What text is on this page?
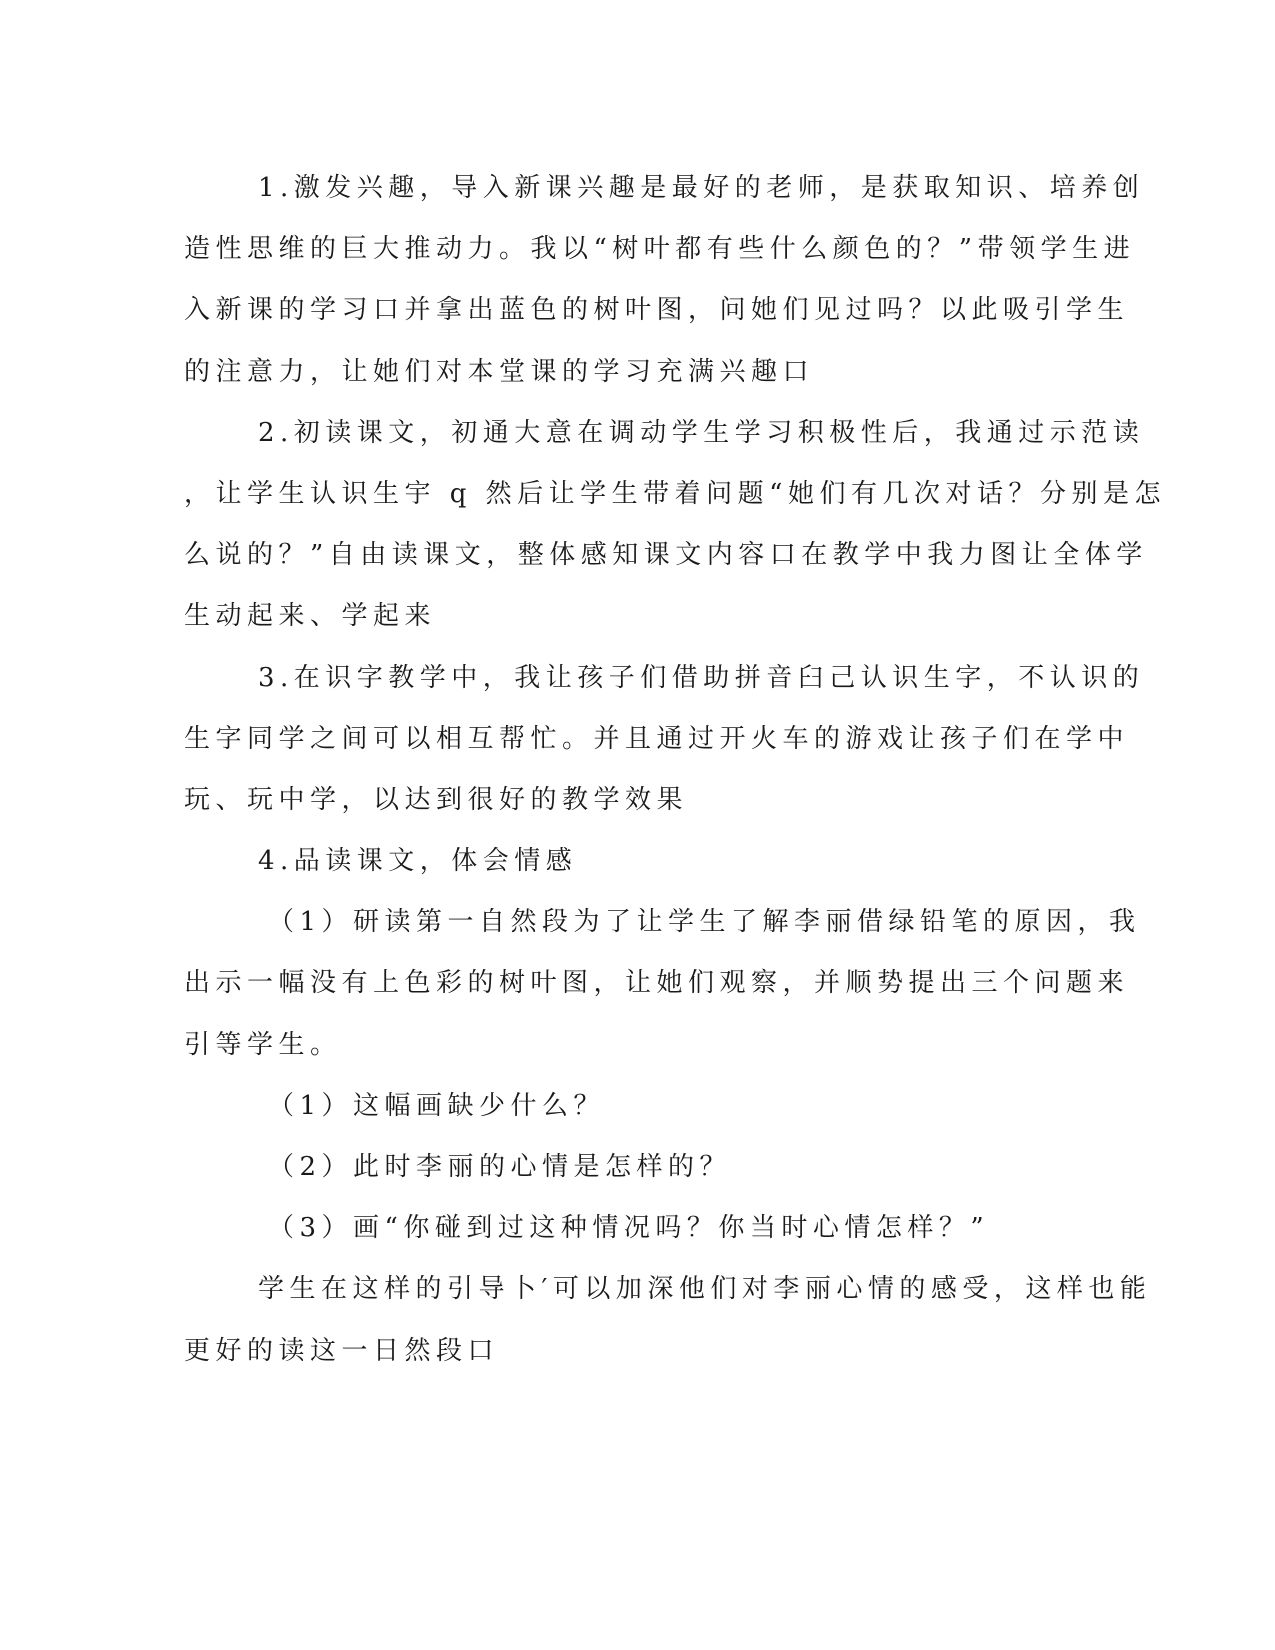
1.激发兴趣，导入新课兴趣是最好的老师，是获取知识、培养创
造性思维的巨大推动力。我以“树叶都有些什么颜色的？”带领学生进
入新课的学习口并拿出蓝色的树叶图，问她们见过吗？以此吸引学生
的注意力，让她们对本堂课的学习充满兴趣口
2.初读课文，初通大意在调动学生学习积极性后，我通过示范读
，让学生认识生宇 q 然后让学生带着问题“她们有几次对话？分别是怎
么说的？”自由读课文，整体感知课文内容口在教学中我力图让全体学
生动起来、学起来
3.在识字教学中，我让孩子们借助拼音臼己认识生字，不认识的
生字同学之间可以相互帮忙。并且通过开火车的游戏让孩子们在学中
玩、玩中学，以达到很好的教学效果
4.品读课文，体会情感
（1）研读第一自然段为了让学生了解李丽借绿铅笔的原因，我
出示一幅没有上色彩的树叶图，让她们观察，并顺势提出三个问题来
引等学生。
（1）这幅画缺少什么？
（2）此时李丽的心情是怎样的？
（3）画“你碰到过这种情况吗？你当时心情怎样？”
学生在这样的引导卜′可以加深他们对李丽心情的感受，这样也能
更好的读这一日然段口
